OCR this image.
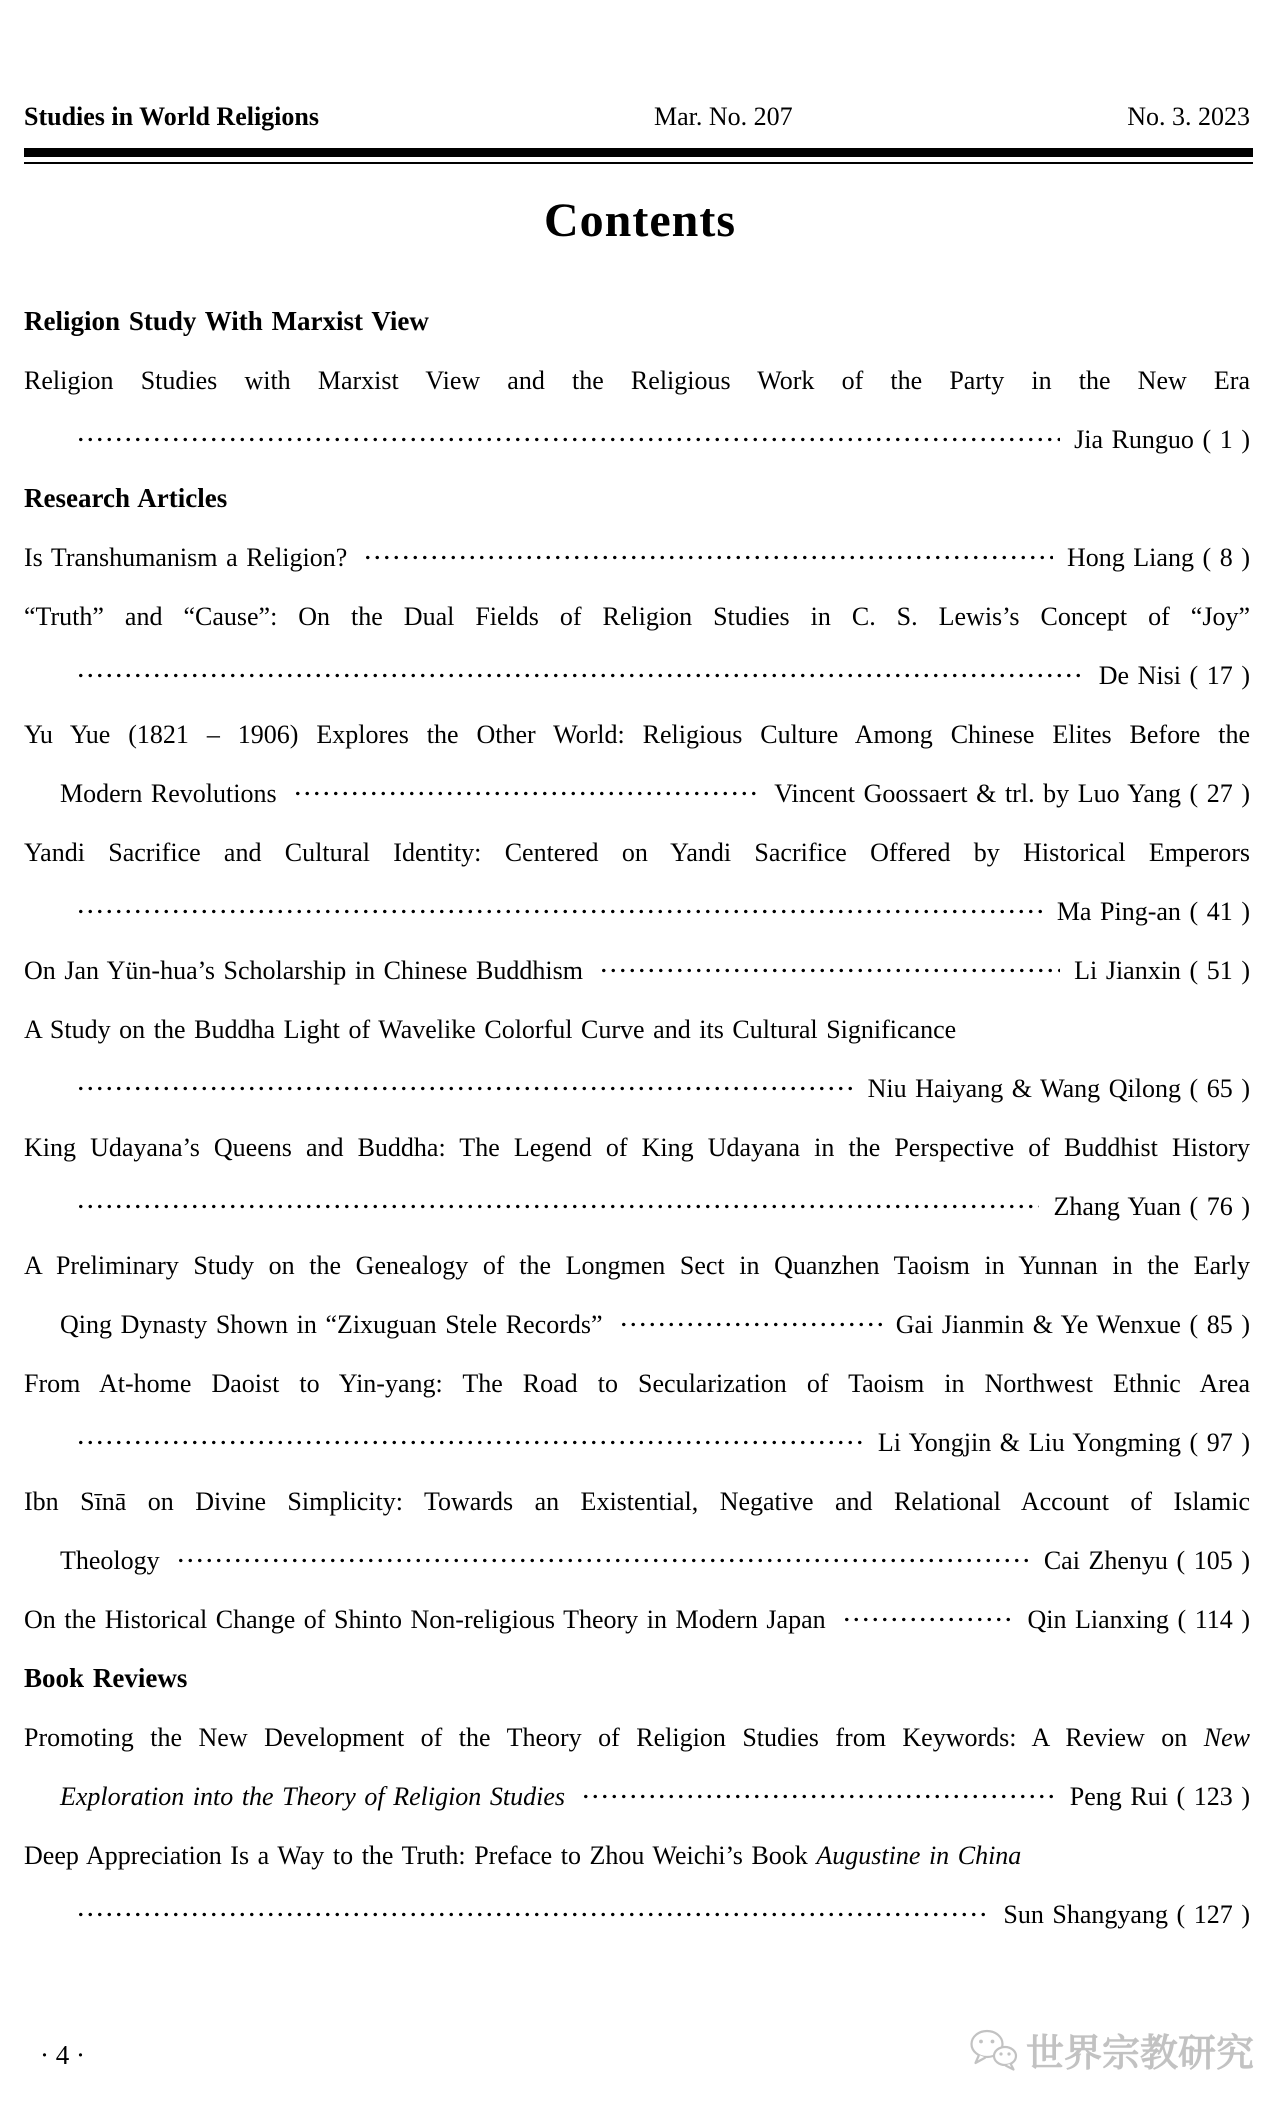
Studies in World Religions	Mar. No. 207	No. 3. 2023
Contents
Religion Study With Marxist View
Religion Studies with Marxist View and the Religious Work of the Party in the New Era
Jia Runguo ( 1 )
Research Articles
Is Transhumanism a Religion?	Hong Liang ( 8 )
“Truth” and “Cause”: On the Dual Fields of Religion Studies in C. S. Lewis’s Concept of “Joy”
De Nisi ( 17 )
Yu Yue (1821 – 1906) Explores the Other World: Religious Culture Among Chinese Elites Before the
Modern Revolutions	Vincent Goossaert & trl. by Luo Yang ( 27 )
Yandi Sacrifice and Cultural Identity: Centered on Yandi Sacrifice Offered by Historical Emperors
Ma Ping-an ( 41 )
On Jan Yün-hua’s Scholarship in Chinese Buddhism	Li Jianxin ( 51 )
A Study on the Buddha Light of Wavelike Colorful Curve and its Cultural Significance
Niu Haiyang & Wang Qilong ( 65 )
King Udayana’s Queens and Buddha: The Legend of King Udayana in the Perspective of Buddhist History
Zhang Yuan ( 76 )
A Preliminary Study on the Genealogy of the Longmen Sect in Quanzhen Taoism in Yunnan in the Early
Qing Dynasty Shown in “Zixuguan Stele Records”	Gai Jianmin & Ye Wenxue ( 85 )
From At-home Daoist to Yin-yang: The Road to Secularization of Taoism in Northwest Ethnic Area
Li Yongjin & Liu Yongming ( 97 )
Ibn Sīnā on Divine Simplicity: Towards an Existential, Negative and Relational Account of Islamic
Theology	Cai Zhenyu ( 105 )
On the Historical Change of Shinto Non-religious Theory in Modern Japan	Qin Lianxing ( 114 )
Book Reviews
Promoting the New Development of the Theory of Religion Studies from Keywords: A Review on New
Exploration into the Theory of Religion Studies	Peng Rui ( 123 )
Deep Appreciation Is a Way to the Truth: Preface to Zhou Weichi’s Book Augustine in China
Sun Shangyang ( 127 )
· 4 ·	世界宗教研究
